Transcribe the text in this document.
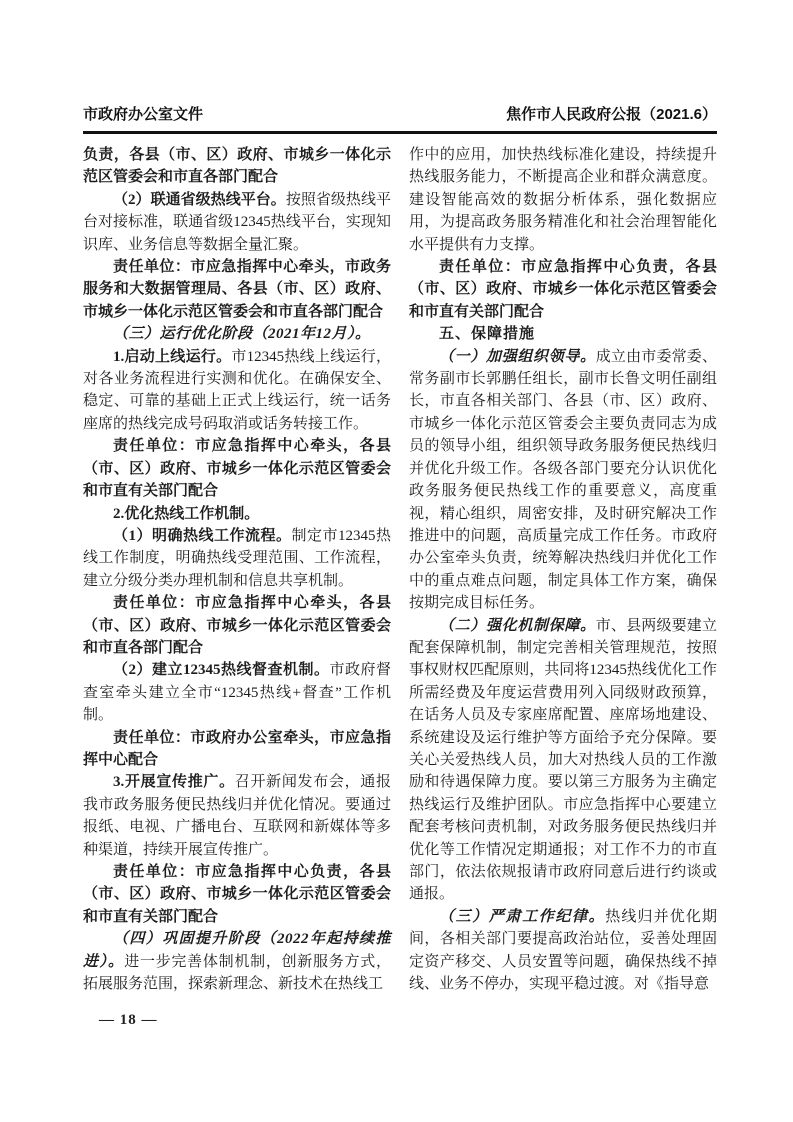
市政府办公室文件	焦作市人民政府公报（2021.6）

负责，各县（市、区）政府、市城乡一体化示范区管委会和市直各部门配合

（2）联通省级热线平台。按照省级热线平台对接标准，联通省级12345热线平台，实现知识库、业务信息等数据全量汇聚。

责任单位：市应急指挥中心牵头，市政务服务和大数据管理局、各县（市、区）政府、市城乡一体化示范区管委会和市直各部门配合

（三）运行优化阶段（2021年12月）。

1.启动上线运行。市12345热线上线运行，对各业务流程进行实测和优化。在确保安全、稳定、可靠的基础上正式上线运行，统一话务座席的热线完成号码取消或话务转接工作。

责任单位：市应急指挥中心牵头，各县（市、区）政府、市城乡一体化示范区管委会和市直有关部门配合

2.优化热线工作机制。

（1）明确热线工作流程。制定市12345热线工作制度，明确热线受理范围、工作流程，建立分级分类办理机制和信息共享机制。

责任单位：市应急指挥中心牵头，各县（市、区）政府、市城乡一体化示范区管委会和市直各部门配合

（2）建立12345热线督查机制。市政府督查室牵头建立全市“12345热线+督查”工作机制。

责任单位：市政府办公室牵头，市应急指挥中心配合

3.开展宣传推广。召开新闻发布会，通报我市政务服务便民热线归并优化情况。要通过报纸、电视、广播电台、互联网和新媒体等多种渠道，持续开展宣传推广。

责任单位：市应急指挥中心负责，各县（市、区）政府、市城乡一体化示范区管委会和市直有关部门配合

（四）巩固提升阶段（2022年起持续推进）。进一步完善体制机制，创新服务方式，拓展服务范围，探索新理念、新技术在热线工

作中的应用，加快热线标准化建设，持续提升热线服务能力，不断提高企业和群众满意度。建设智能高效的数据分析体系，强化数据应用，为提高政务服务精准化和社会治理智能化水平提供有力支撑。

责任单位：市应急指挥中心负责，各县（市、区）政府、市城乡一体化示范区管委会和市直有关部门配合

五、保障措施

（一）加强组织领导。成立由市委常委、常务副市长郭鹏任组长，副市长鲁文明任副组长，市直各相关部门、各县（市、区）政府、市城乡一体化示范区管委会主要负责同志为成员的领导小组，组织领导政务服务便民热线归并优化升级工作。各级各部门要充分认识优化政务服务便民热线工作的重要意义，高度重视，精心组织，周密安排，及时研究解决工作推进中的问题，高质量完成工作任务。市政府办公室牵头负责，统筹解决热线归并优化工作中的重点难点问题，制定具体工作方案，确保按期完成目标任务。

（二）强化机制保障。市、县两级要建立配套保障机制，制定完善相关管理规范，按照事权财权匹配原则，共同将12345热线优化工作所需经费及年度运营费用列入同级财政预算，在话务人员及专家座席配置、座席场地建设、系统建设及运行维护等方面给予充分保障。要关心关爱热线人员，加大对热线人员的工作激励和待遇保障力度。要以第三方服务为主确定热线运行及维护团队。市应急指挥中心要建立配套考核问责机制，对政务服务便民热线归并优化等工作情况定期通报；对工作不力的市直部门，依法依规报请市政府同意后进行约谈或通报。

（三）严肃工作纪律。热线归并优化期间，各相关部门要提高政治站位，妥善处理固定资产移交、人员安置等问题，确保热线不掉线、业务不停办，实现平稳过渡。对《指导意

— 18 —
